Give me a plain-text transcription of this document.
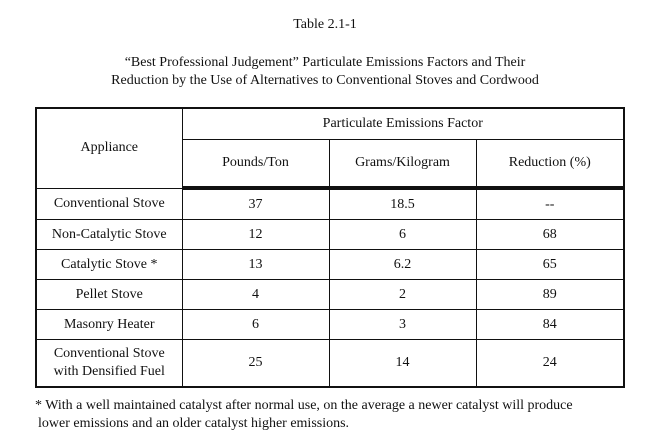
Table 2.1-1
“Best Professional Judgement” Particulate Emissions Factors and Their
Reduction by the Use of Alternatives to Conventional Stoves and Cordwood
Appliance	Particulate Emissions Factor		
	Pounds/Ton	Grams/Kilogram	Reduction (%)
Conventional Stove	37	18.5	--
Non-Catalytic Stove	12	6	68
Catalytic Stove *	13	6.2	65
Pellet Stove	4	2	89
Masonry Heater	6	3	84
Conventional Stove
with Densified Fuel	25	14	24
* With a well maintained catalyst after normal use, on the average a newer catalyst will produce
lower emissions and an older catalyst higher emissions.
